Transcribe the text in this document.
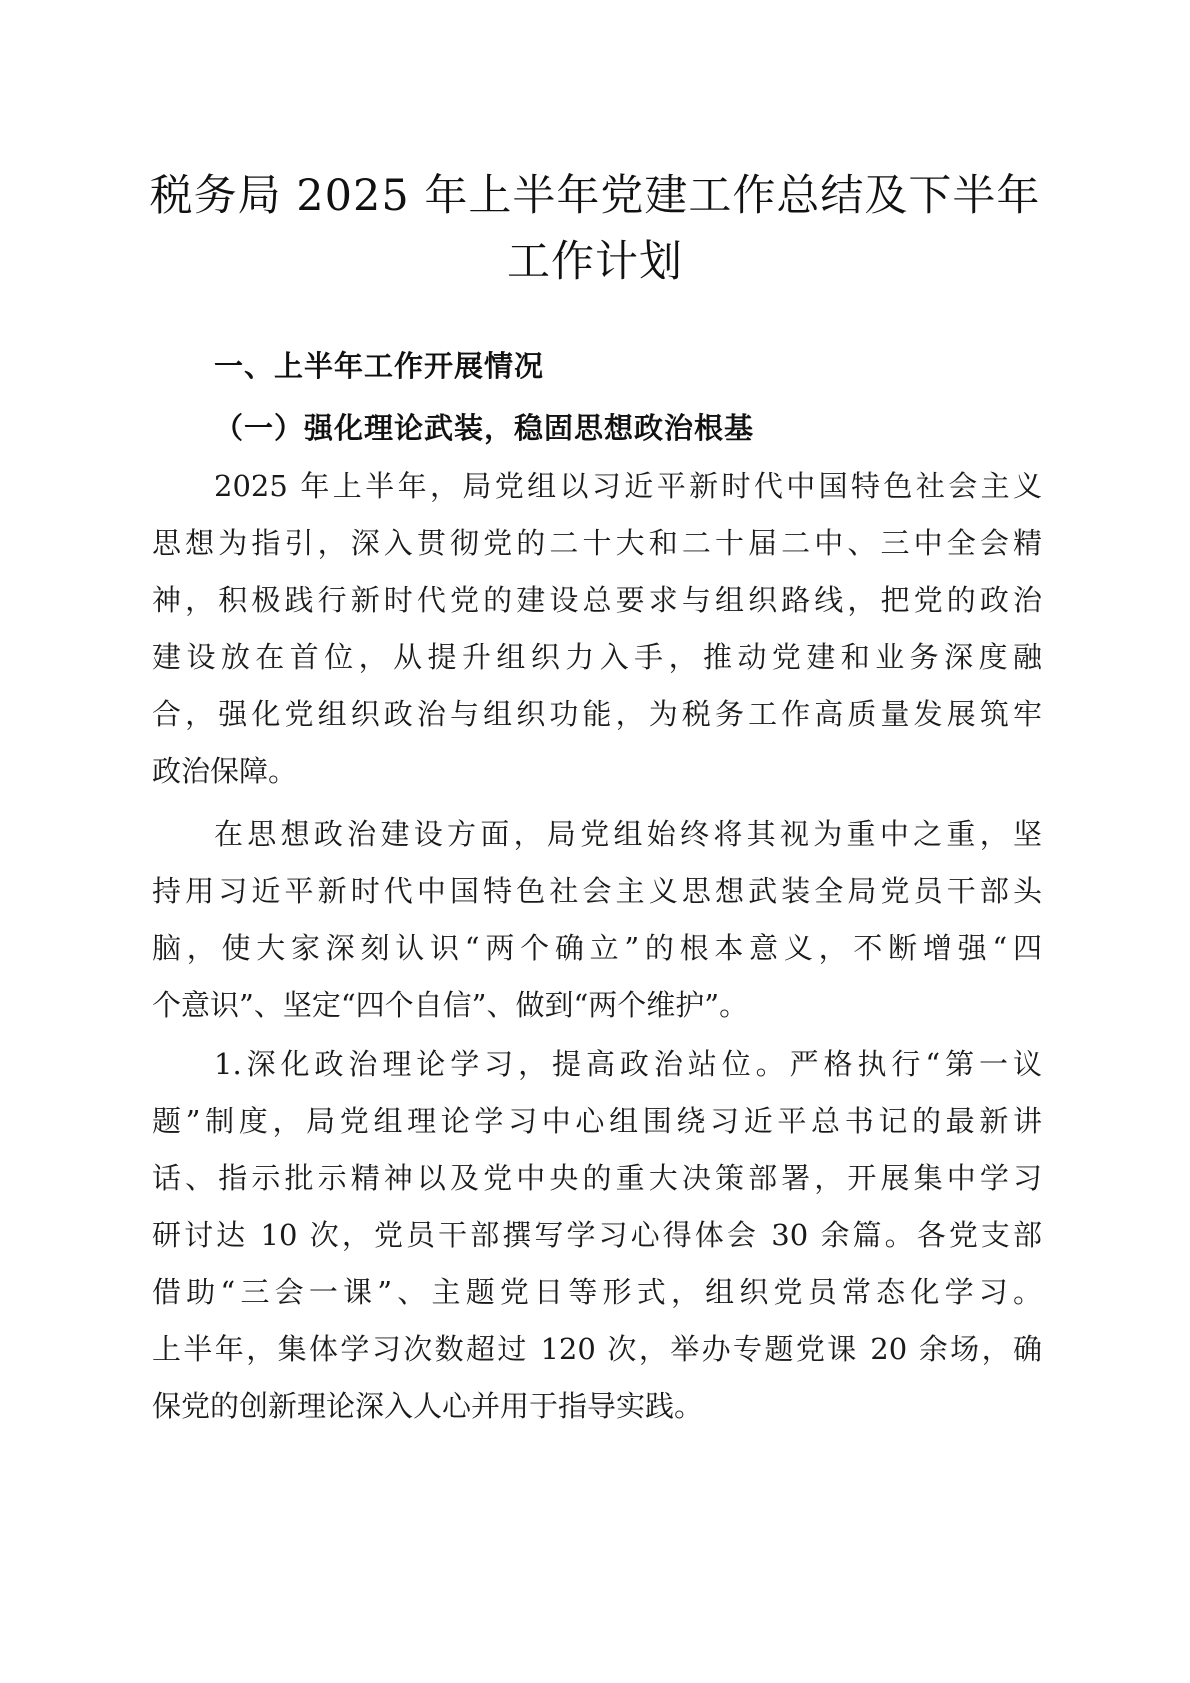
税务局 2025 年上半年党建工作总结及下半年
工作计划
一、上半年工作开展情况
（一）强化理论武装，稳固思想政治根基
2025 年上半年，局党组以习近平新时代中国特色社会主义
思想为指引，深入贯彻党的二十大和二十届二中、三中全会精
神，积极践行新时代党的建设总要求与组织路线，把党的政治
建设放在首位，从提升组织力入手，推动党建和业务深度融
合，强化党组织政治与组织功能，为税务工作高质量发展筑牢
政治保障。
在思想政治建设方面，局党组始终将其视为重中之重，坚
持用习近平新时代中国特色社会主义思想武装全局党员干部头
脑，使大家深刻认识“两个确立”的根本意义，不断增强“四
个意识”、坚定“四个自信”、做到“两个维护”。
1.深化政治理论学习，提高政治站位。严格执行“第一议
题”制度，局党组理论学习中心组围绕习近平总书记的最新讲
话、指示批示精神以及党中央的重大决策部署，开展集中学习
研讨达 10 次，党员干部撰写学习心得体会 30 余篇。各党支部
借助“三会一课”、主题党日等形式，组织党员常态化学习。
上半年，集体学习次数超过 120 次，举办专题党课 20 余场，确
保党的创新理论深入人心并用于指导实践。
